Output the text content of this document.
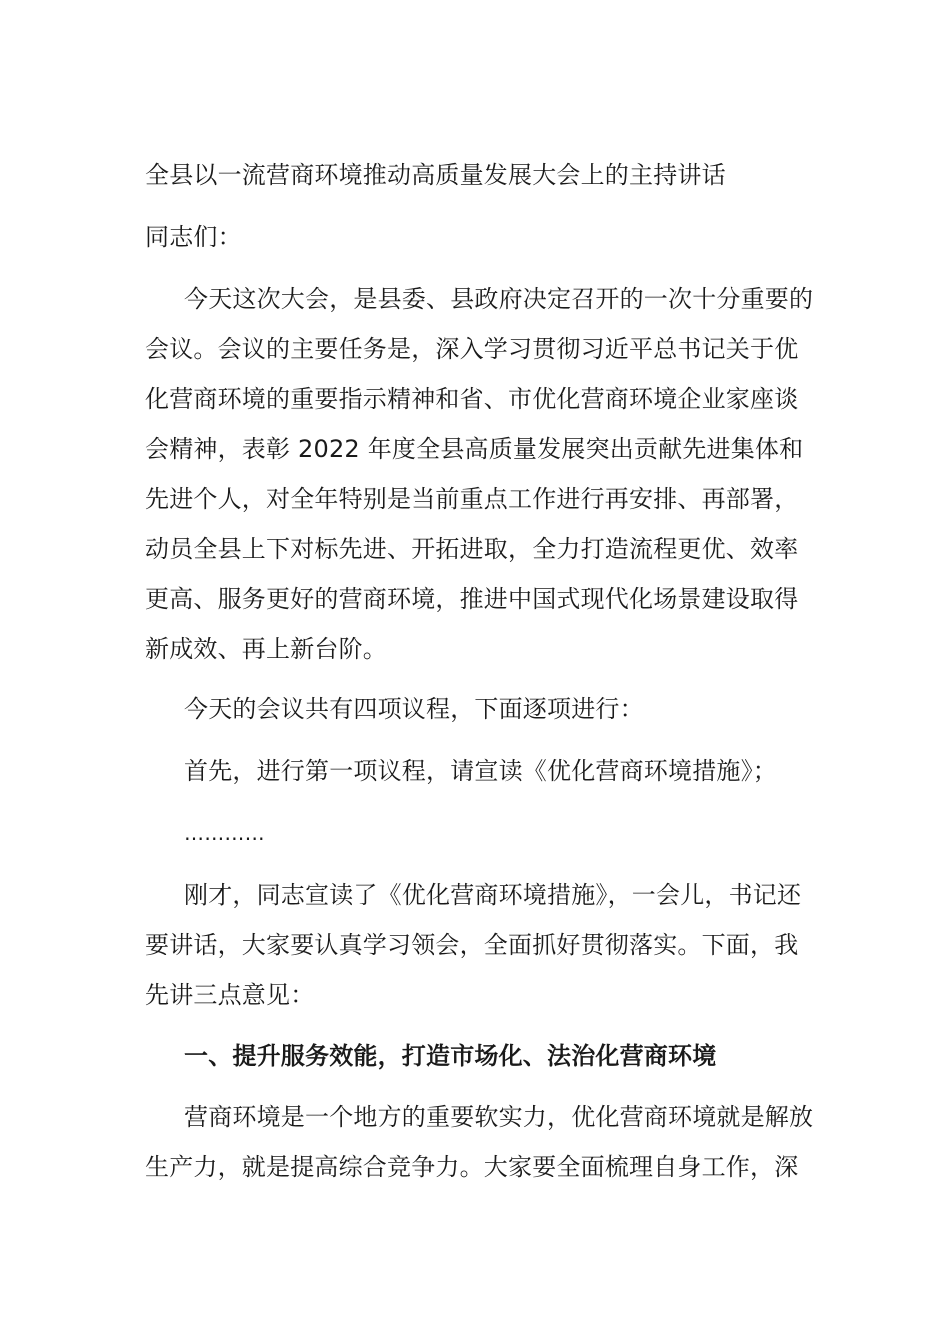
全县以一流营商环境推动高质量发展大会上的主持讲话
同志们：
今天这次大会，是县委、县政府决定召开的一次十分重要的
会议。会议的主要任务是，深入学习贯彻习近平总书记关于优
化营商环境的重要指示精神和省、市优化营商环境企业家座谈
会精神，表彰 2022 年度全县高质量发展突出贡献先进集体和
先进个人，对全年特别是当前重点工作进行再安排、再部署，
动员全县上下对标先进、开拓进取，全力打造流程更优、效率
更高、服务更好的营商环境，推进中国式现代化场景建设取得
新成效、再上新台阶。
今天的会议共有四项议程，下面逐项进行：
首先，进行第一项议程，请宣读《优化营商环境措施》；
…………
刚才，同志宣读了《优化营商环境措施》，一会儿，书记还
要讲话，大家要认真学习领会，全面抓好贯彻落实。下面，我
先讲三点意见：
一、提升服务效能，打造市场化、法治化营商环境
营商环境是一个地方的重要软实力，优化营商环境就是解放
生产力，就是提高综合竞争力。大家要全面梳理自身工作，深
